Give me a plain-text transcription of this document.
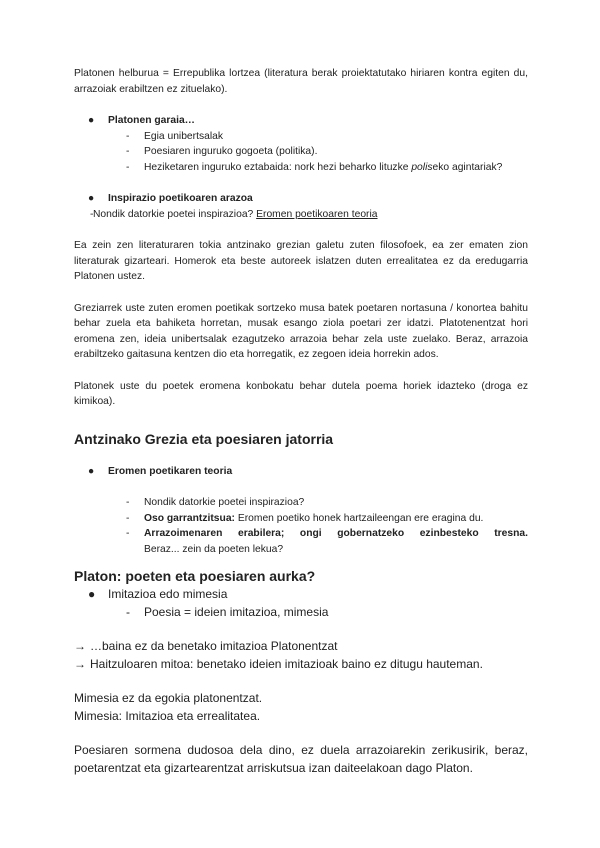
Platonen helburua = Errepublika lortzea (literatura berak proiektatutako hiriaren kontra egiten du, arrazoiak erabiltzen ez zituelako).

● Platonen garaia…
- Egia unibertsalak
- Poesiaren inguruko gogoeta (politika).
- Heziketaren inguruko eztabaida: nork hezi beharko lituzke poliseko agintariak?
● Inspirazio poetikoaren arazoa
- Nondik datorkie poetei inspirazioa? Eromen poetikoaren teoria

Ea zein zen literaturaren tokia antzinako grezian galetu zuten filosofoek, ea zer ematen zion literaturak gizarteari. Homerok eta beste autoreek islatzen duten errealitatea ez da eredugarria Platonen ustez.

Greziarrek uste zuten eromen poetikak sortzeko musa batek poetaren nortasuna / konortea bahitu behar zuela eta bahiketa horretan, musak esango ziola poetari zer idatzi. Platotenentzat hori eromena zen, ideia unibertsalak ezagutzeko arrazoia behar zela uste zuelako. Beraz, arrazoia erabiltzeko gaitasuna kentzen dio eta horregatik, ez zegoen ideia horrekin ados.

Platonek uste du poetek eromena konbokatu behar dutela poema horiek idazteko (droga ez kimikoa).

Antzinako Grezia eta poesiaren jatorria
● Eromen poetikaren teoria
- Nondik datorkie poetei inspirazioa?
- Oso garrantzitsua: Eromen poetiko honek hartzaileengan ere eragina du.
- Arrazoimenaren erabilera; ongi gobernatzeko ezinbesteko tresna.
Beraz... zein da poeten lekua?
Platon: poeten eta poesiaren aurka?
● Imitazioa edo mimesia
- Poesia = ideien imitazioa, mimesia
→ …baina ez da benetako imitazioa Platonentzat
→ Haitzuloaren mitoa: benetako ideien imitazioak baino ez ditugu hauteman.

Mimesia ez da egokia platonentzat.

Mimesia: Imitazioa eta errealitatea.

Poesiaren sormena dudosoa dela dino, ez duela arrazoiarekin zerikusirik, beraz, poetarentzat eta gizartearentzat arriskutsua izan daiteelakoan dago Platon.
